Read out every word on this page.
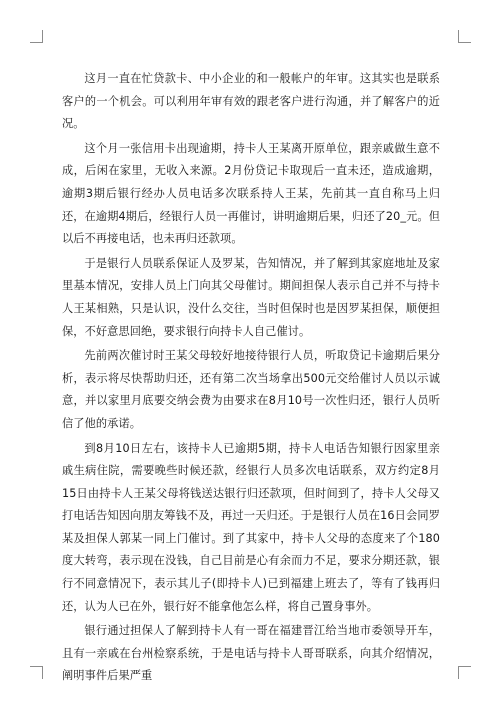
这月一直在忙贷款卡、中小企业的和一般帐户的年审。这其实也是联系客户的一个机会。可以利用年审有效的跟老客户进行沟通，并了解客户的近况。

这个月一张信用卡出现逾期，持卡人王某离开原单位，跟亲戚做生意不成，后闲在家里，无收入来源。2月份贷记卡取现后一直未还，造成逾期，逾期3期后银行经办人员电话多次联系持人王某，先前其一直自称马上归还，在逾期4期后，经银行人员一再催讨，讲明逾期后果，归还了20_元。但以后不再接电话，也未再归还款项。

于是银行人员联系保证人及罗某，告知情况，并了解到其家庭地址及家里基本情况，安排人员上门向其父母催讨。期间担保人表示自己并不与持卡人王某相熟，只是认识，没什么交往，当时但保时也是因罗某担保，顺便担保，不好意思回绝，要求银行向持卡人自己催讨。

先前两次催讨时王某父母较好地接待银行人员，听取贷记卡逾期后果分析，表示将尽快帮助归还，还有第二次当场拿出500元交给催讨人员以示诚意，并以家里月底要交纳会费为由要求在8月10号一次性归还，银行人员听信了他的承诺。

到8月10日左右，该持卡人已逾期5期，持卡人电话告知银行因家里亲戚生病住院，需要晚些时候还款，经银行人员多次电话联系，双方约定8月15日由持卡人王某父母将钱送达银行归还款项，但时间到了，持卡人父母又打电话告知因向朋友筹钱不及，再过一天归还。于是银行人员在16日会同罗某及担保人郭某一同上门催讨。到了其家中，持卡人父母的态度来了个180度大转弯，表示现在没钱，自己目前是心有余而力不足，要求分期还款，银行不同意情况下，表示其儿子(即持卡人)已到福建上班去了，等有了钱再归还，认为人已在外，银行好不能拿他怎么样，将自己置身事外。

银行通过担保人了解到持卡人有一哥在福建晋江给当地市委领导开车，且有一亲戚在台州检察系统，于是电话与持卡人哥哥联系，向其介绍情况，阐明事件后果严重
